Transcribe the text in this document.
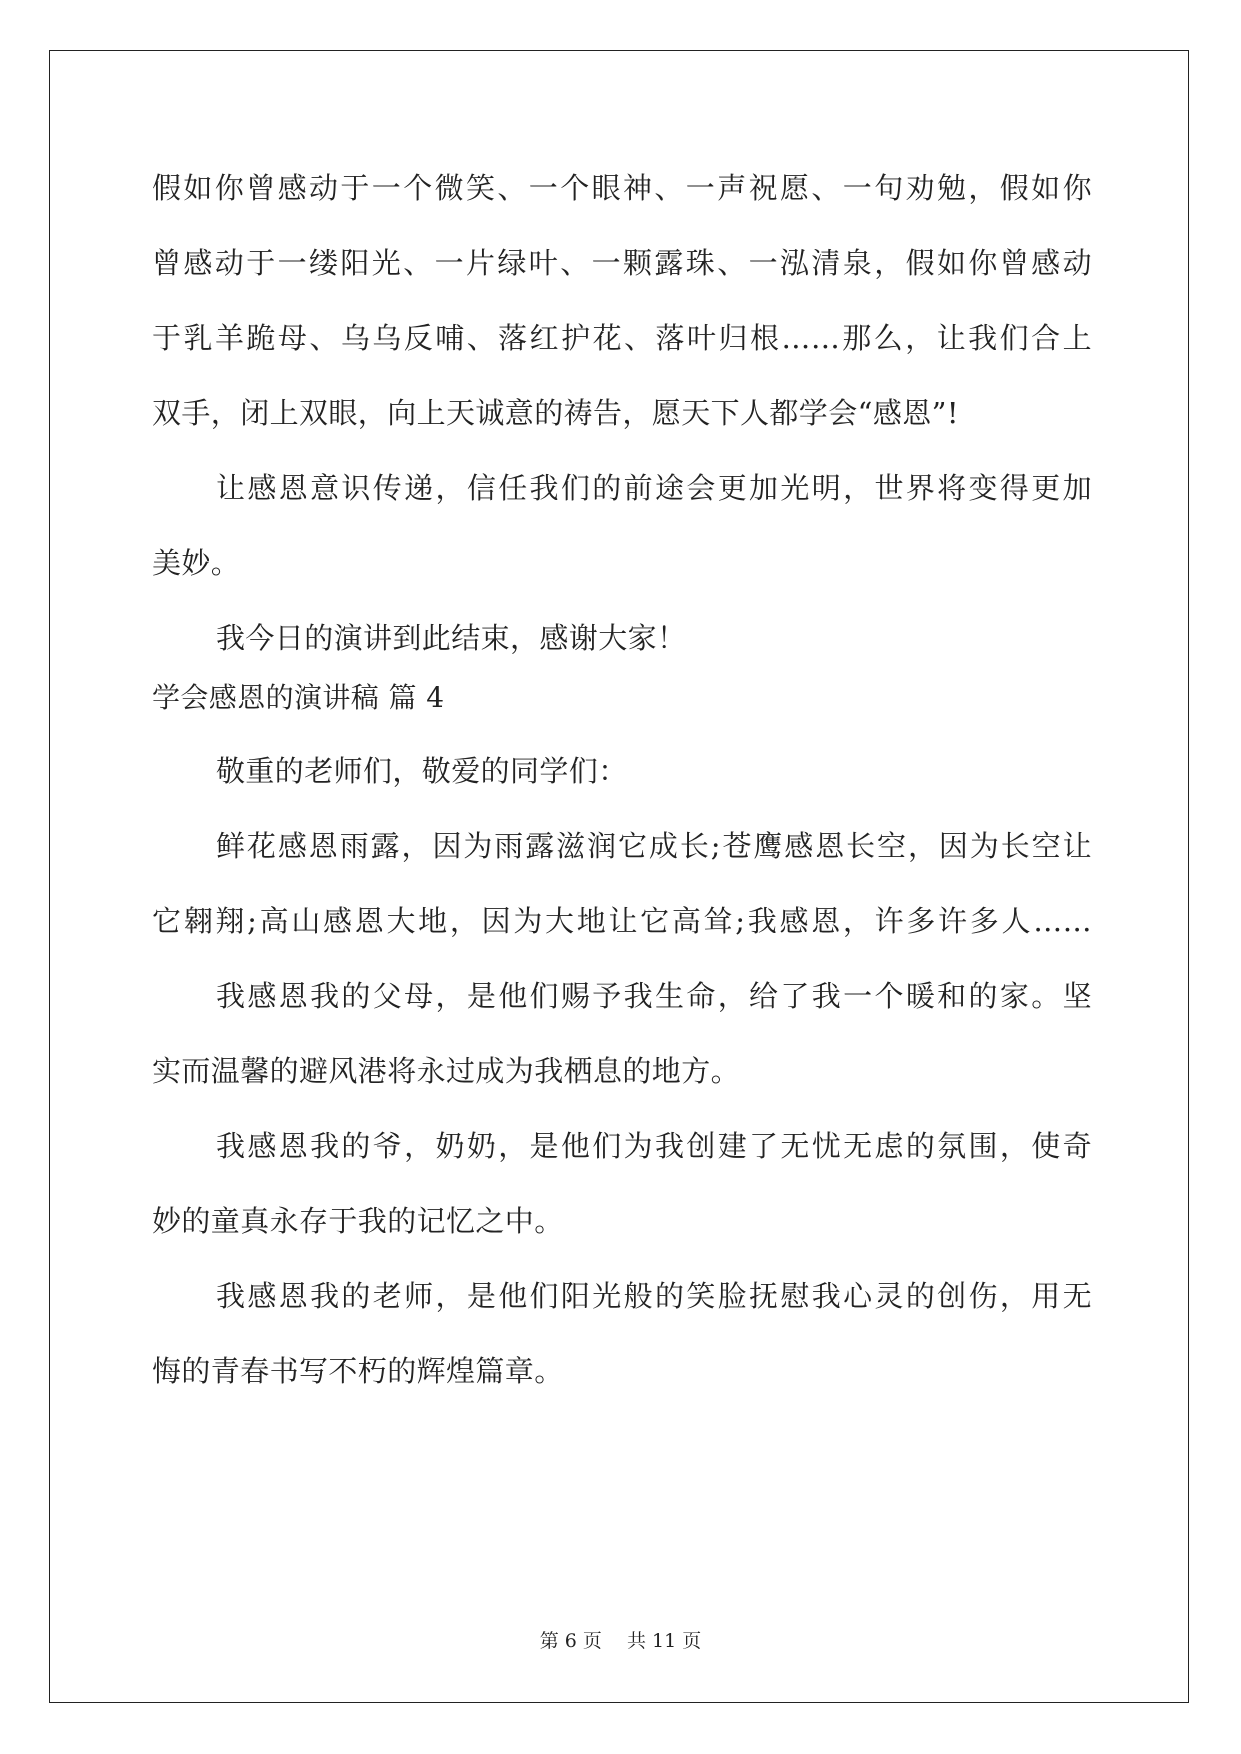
假如你曾感动于一个微笑、一个眼神、一声祝愿、一句劝勉，假如你
曾感动于一缕阳光、一片绿叶、一颗露珠、一泓清泉，假如你曾感动
于乳羊跪母、乌乌反哺、落红护花、落叶归根……那么，让我们合上
双手，闭上双眼，向上天诚意的祷告，愿天下人都学会“感恩”!
让感恩意识传递，信任我们的前途会更加光明，世界将变得更加
美妙。
我今日的演讲到此结束，感谢大家！
学会感恩的演讲稿 篇 4
敬重的老师们，敬爱的同学们：
鲜花感恩雨露，因为雨露滋润它成长;苍鹰感恩长空，因为长空让
它翱翔;高山感恩大地，因为大地让它高耸;我感恩，许多许多人……
我感恩我的父母，是他们赐予我生命，给了我一个暖和的家。坚
实而温馨的避风港将永过成为我栖息的地方。
我感恩我的爷，奶奶，是他们为我创建了无忧无虑的氛围，使奇
妙的童真永存于我的记忆之中。
我感恩我的老师，是他们阳光般的笑脸抚慰我心灵的创伤，用无
悔的青春书写不朽的辉煌篇章。
第 6 页　 共 11 页
